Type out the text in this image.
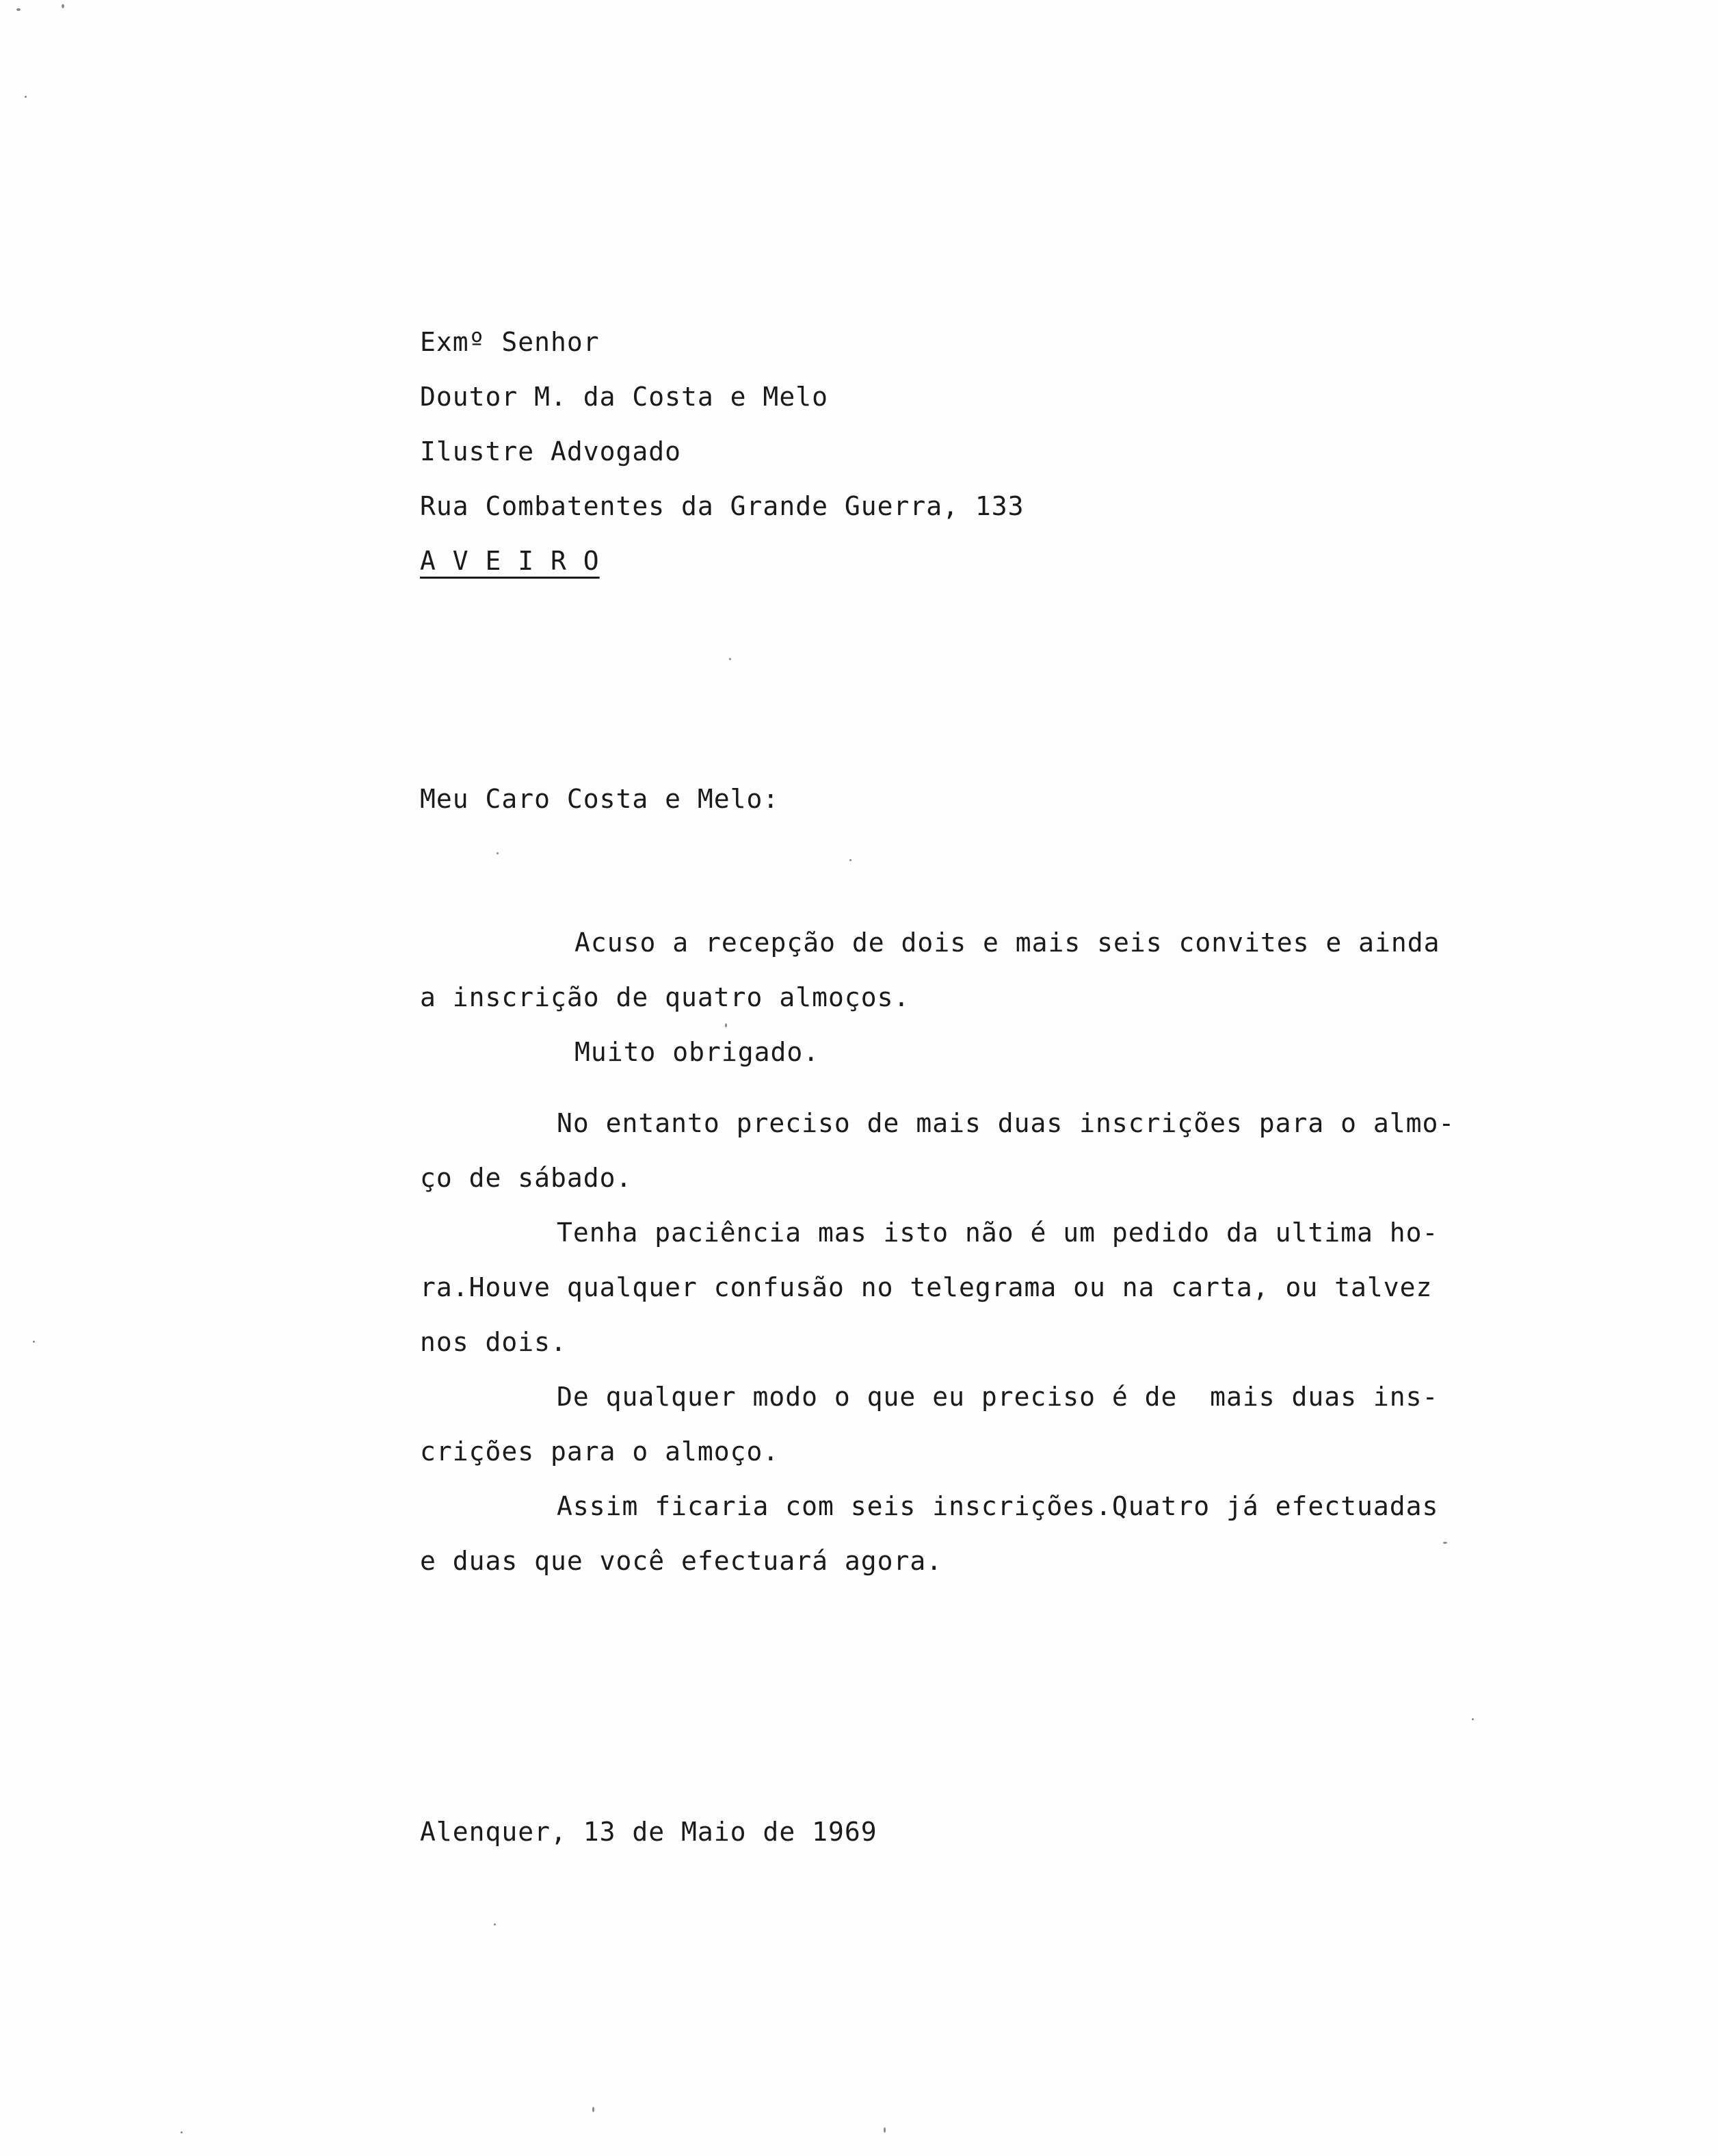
Exmº Senhor
Doutor M. da Costa e Melo
Ilustre Advogado
Rua Combatentes da Grande Guerra, 133
A V E I R O
Meu Caro Costa e Melo:
Acuso a recepção de dois e mais seis convites e ainda
a inscrição de quatro almoços.
Muito obrigado.
No entanto preciso de mais duas inscrições para o almo-
ço de sábado.
Tenha paciência mas isto não é um pedido da ultima ho-
ra.Houve qualquer confusão no telegrama ou na carta, ou talvez
nos dois.
De qualquer modo o que eu preciso é de  mais duas ins-
crições para o almoço.
Assim ficaria com seis inscrições.Quatro já efectuadas
e duas que você efectuará agora.
Alenquer, 13 de Maio de 1969
